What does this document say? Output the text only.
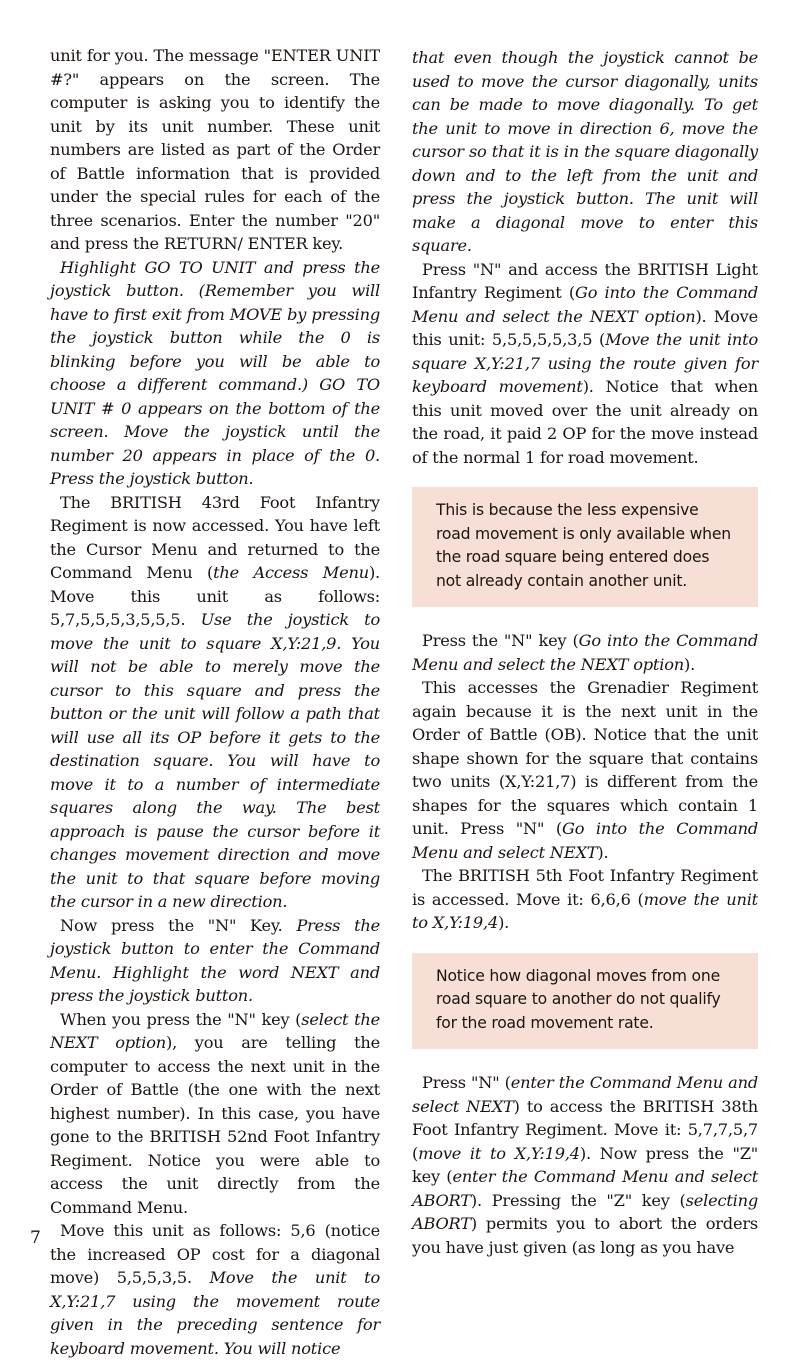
unit for you. The message "ENTER UNIT #?" appears on the screen. The computer is asking you to identify the unit by its unit number. These unit numbers are listed as part of the Order of Battle information that is provided under the special rules for each of the three scenarios. Enter the number "20" and press the RETURN/ ENTER key.

Highlight GO TO UNIT and press the joystick button. (Remember you will have to first exit from MOVE by pressing the joystick button while the 0 is blinking before you will be able to choose a different command.) GO TO UNIT # 0 appears on the bottom of the screen. Move the joystick until the number 20 appears in place of the 0. Press the joystick button.

The BRITISH 43rd Foot Infantry Regiment is now accessed. You have left the Cursor Menu and returned to the Command Menu (the Access Menu). Move this unit as follows: 5,7,5,5,5,3,5,5,5. Use the joystick to move the unit to square X,Y:21,9. You will not be able to merely move the cursor to this square and press the button or the unit will follow a path that will use all its OP before it gets to the destination square. You will have to move it to a number of intermediate squares along the way. The best approach is pause the cursor before it changes movement direction and move the unit to that square before moving the cursor in a new direction.

Now press the "N" Key. Press the joystick button to enter the Command Menu. Highlight the word NEXT and press the joystick button.

When you press the "N" key (select the NEXT option), you are telling the computer to access the next unit in the Order of Battle (the one with the next highest number). In this case, you have gone to the BRITISH 52nd Foot Infantry Regiment. Notice you were able to access the unit directly from the Command Menu.

Move this unit as follows: 5,6 (notice the increased OP cost for a diagonal move) 5,5,5,3,5. Move the unit to X,Y:21,7 using the movement route given in the preceding sentence for keyboard movement. You will notice

that even though the joystick cannot be used to move the cursor diagonally, units can be made to move diagonally. To get the unit to move in direction 6, move the cursor so that it is in the square diagonally down and to the left from the unit and press the joystick button. The unit will make a diagonal move to enter this square.

Press "N" and access the BRITISH Light Infantry Regiment (Go into the Command Menu and select the NEXT option). Move this unit: 5,5,5,5,5,3,5 (Move the unit into square X,Y:21,7 using the route given for keyboard movement). Notice that when this unit moved over the unit already on the road, it paid 2 OP for the move instead of the normal 1 for road movement.

This is because the less expensive road movement is only available when the road square being entered does not already contain another unit.

Press the "N" key (Go into the Command Menu and select the NEXT option).

This accesses the Grenadier Regiment again because it is the next unit in the Order of Battle (OB). Notice that the unit shape shown for the square that contains two units (X,Y:21,7) is different from the shapes for the squares which contain 1 unit. Press "N" (Go into the Command Menu and select NEXT).

The BRITISH 5th Foot Infantry Regiment is accessed. Move it: 6,6,6 (move the unit to X,Y:19,4).

Notice how diagonal moves from one road square to another do not qualify for the road movement rate.

Press "N" (enter the Command Menu and select NEXT) to access the BRITISH 38th Foot Infantry Regiment. Move it: 5,7,7,5,7 (move it to X,Y:19,4). Now press the "Z" key (enter the Command Menu and select ABORT). Pressing the "Z" key (selecting ABORT) permits you to abort the orders you have just given (as long as you have

7
